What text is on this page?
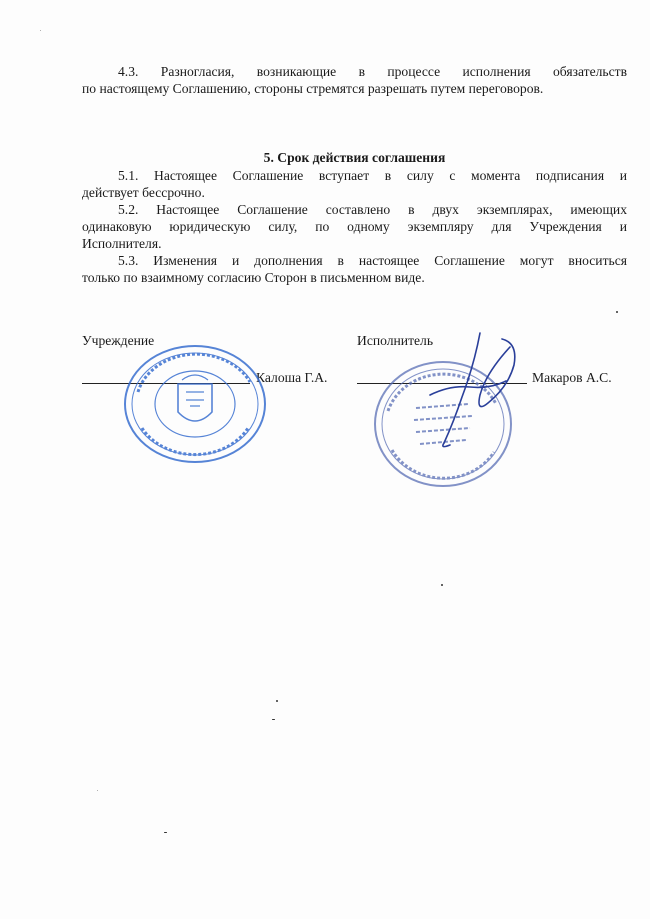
4.3. Разногласия, возникающие в процессе исполнения обязательств
по настоящему Соглашению, стороны стремятся разрешать путем переговоров.
5. Срок действия соглашения
5.1. Настоящее Соглашение вступает в силу с момента подписания и
действует бессрочно.
5.2. Настоящее Соглашение составлено в двух экземплярах, имеющих
одинаковую юридическую силу, по одному экземпляру для Учреждения и
Исполнителя.
5.3. Изменения и дополнения в настоящее Соглашение могут вноситься
только по взаимному согласию Сторон в письменном виде.
Учреждение
Калоша Г.А.
Исполнитель
Макаров А.С.
